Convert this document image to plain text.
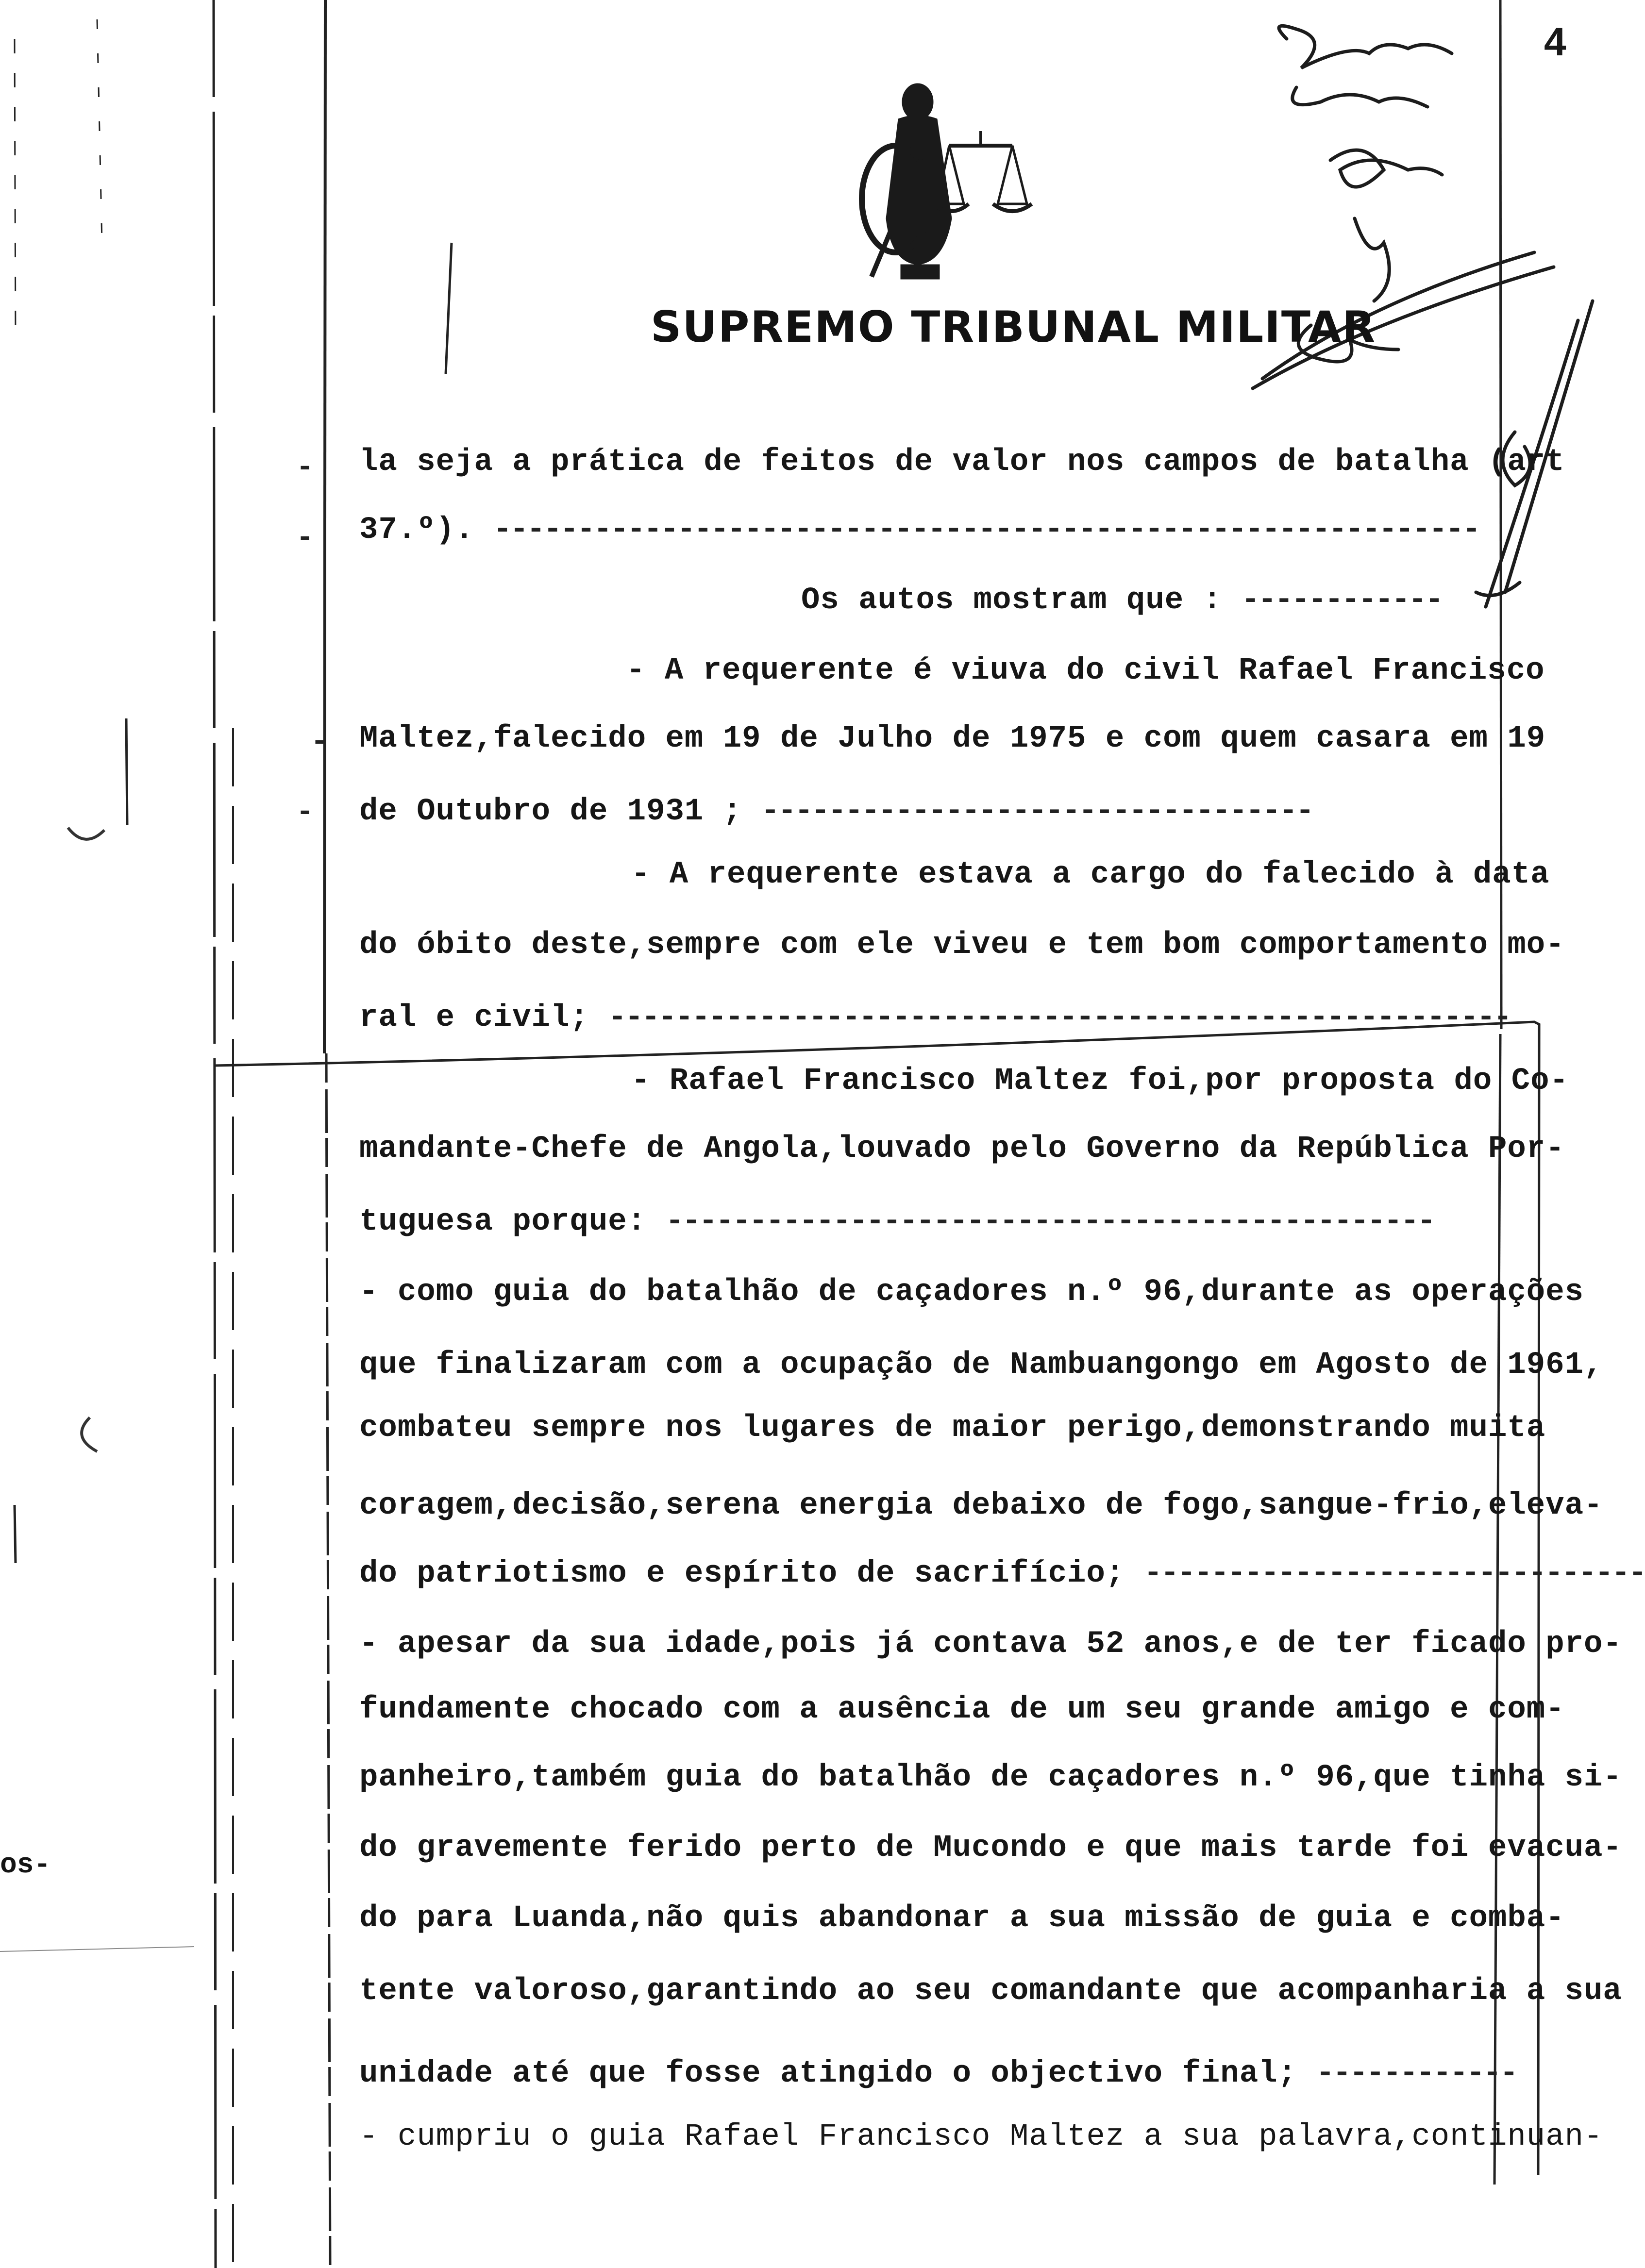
4
SUPREMO TRIBUNAL MILITAR
-
-
-
-
os-
la seja a prática de feitos de valor nos campos de batalha (art
37.º). -----------------------------------------------------------
Os autos mostram que : ------------
- A requerente é viuva do civil Rafael Francisco
Maltez,falecido em 19 de Julho de 1975 e com quem casara em 19
de Outubro de 1931 ; ---------------------------------
- A requerente estava a cargo do falecido à data
do óbito deste,sempre com ele viveu e tem bom comportamento mo-
ral e civil; ------------------------------------------------------
- Rafael Francisco Maltez foi,por proposta do Co-
mandante-Chefe de Angola,louvado pelo Governo da República Por-
tuguesa porque: ----------------------------------------------
- como guia do batalhão de caçadores n.º 96,durante as operações
que finalizaram com a ocupação de Nambuangongo em Agosto de 1961,
combateu sempre nos lugares de maior perigo,demonstrando muita
coragem,decisão,serena energia debaixo de fogo,sangue-frio,eleva-
do patriotismo e espírito de sacrifício; ------------------------------
- apesar da sua idade,pois já contava 52 anos,e de ter ficado pro-
fundamente chocado com a ausência de um seu grande amigo e com-
panheiro,também guia do batalhão de caçadores n.º 96,que tinha si-
do gravemente ferido perto de Mucondo e que mais tarde foi evacua-
do para Luanda,não quis abandonar a sua missão de guia e comba-
tente valoroso,garantindo ao seu comandante que acompanharia a sua
unidade até que fosse atingido o objectivo final; ------------
- cumpriu o guia Rafael Francisco Maltez a sua palavra,continuan-
